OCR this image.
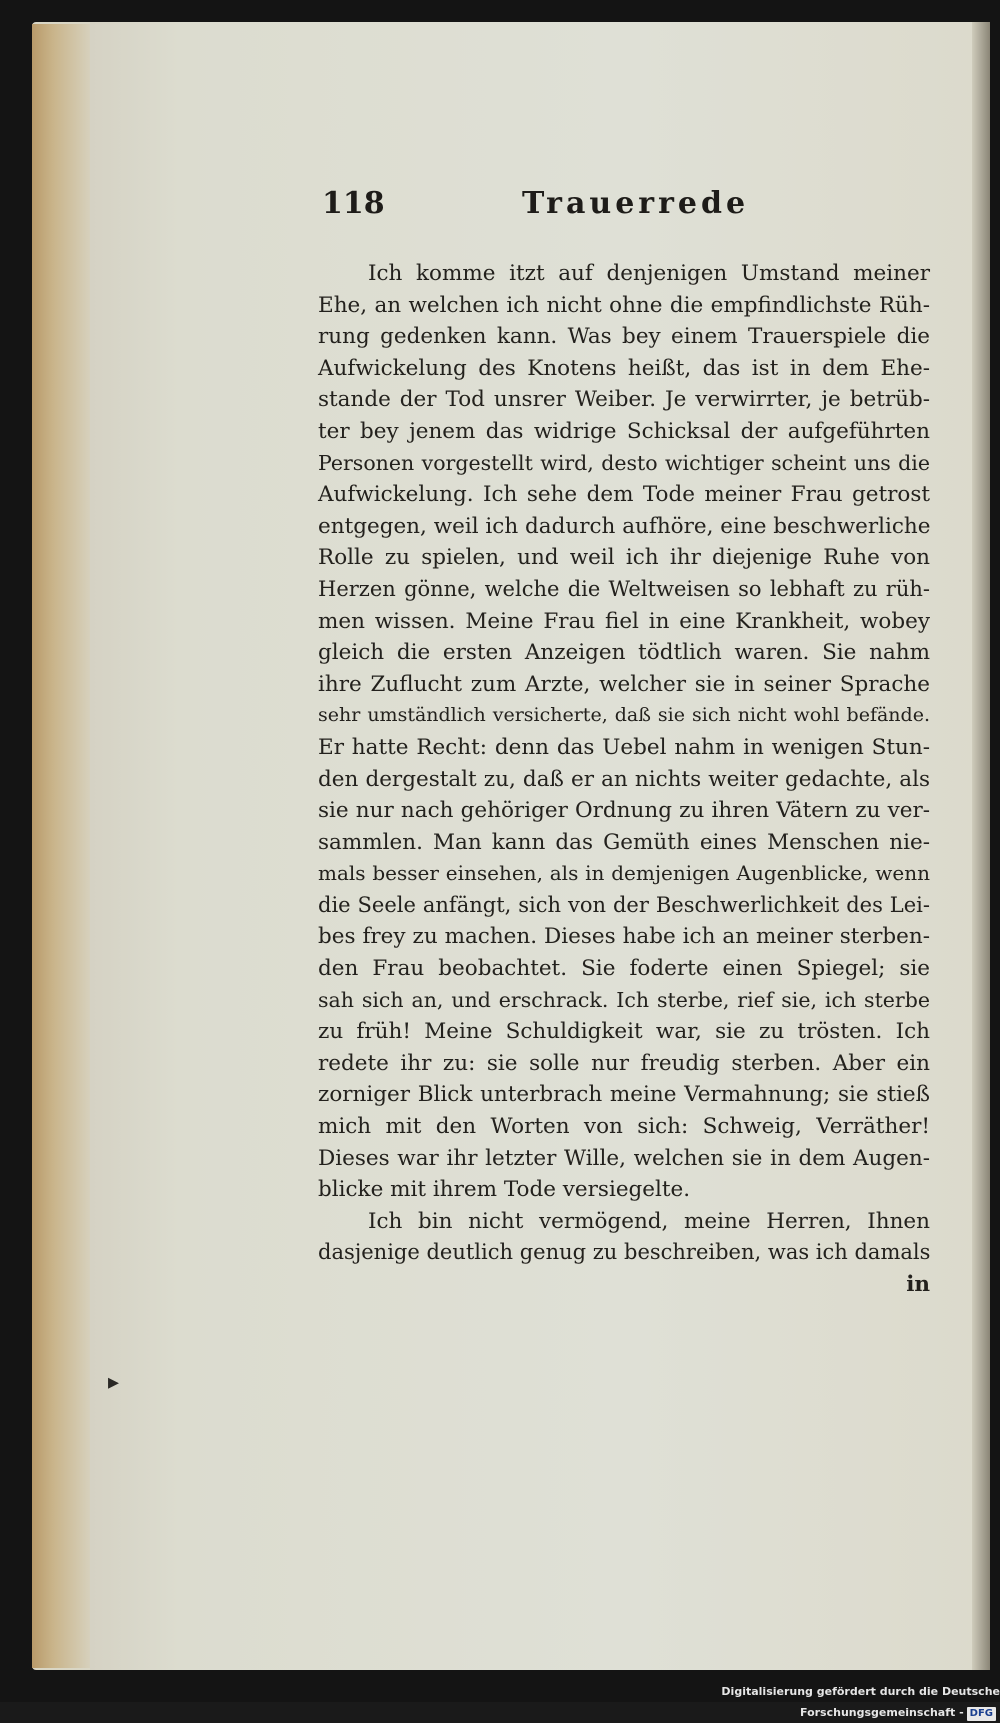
118	Trauerrede
Ich komme itzt auf denjenigen Umstand meiner
Ehe, an welchen ich nicht ohne die empfindlichste Rüh-
rung gedenken kann. Was bey einem Trauerspiele die
Aufwickelung des Knotens heißt, das ist in dem Ehe-
stande der Tod unsrer Weiber. Je verwirrter, je betrüb-
ter bey jenem das widrige Schicksal der aufgeführten
Personen vorgestellt wird, desto wichtiger scheint uns die
Aufwickelung. Ich sehe dem Tode meiner Frau getrost
entgegen, weil ich dadurch aufhöre, eine beschwerliche
Rolle zu spielen, und weil ich ihr diejenige Ruhe von
Herzen gönne, welche die Weltweisen so lebhaft zu rüh-
men wissen. Meine Frau fiel in eine Krankheit, wobey
gleich die ersten Anzeigen tödtlich waren. Sie nahm
ihre Zuflucht zum Arzte, welcher sie in seiner Sprache
sehr umständlich versicherte, daß sie sich nicht wohl befände.
Er hatte Recht: denn das Uebel nahm in wenigen Stun-
den dergestalt zu, daß er an nichts weiter gedachte, als
sie nur nach gehöriger Ordnung zu ihren Vätern zu ver-
sammlen. Man kann das Gemüth eines Menschen nie-
mals besser einsehen, als in demjenigen Augenblicke, wenn
die Seele anfängt, sich von der Beschwerlichkeit des Lei-
bes frey zu machen. Dieses habe ich an meiner sterben-
den Frau beobachtet. Sie foderte einen Spiegel; sie
sah sich an, und erschrack. Ich sterbe, rief sie, ich sterbe
zu früh! Meine Schuldigkeit war, sie zu trösten. Ich
redete ihr zu: sie solle nur freudig sterben. Aber ein
zorniger Blick unterbrach meine Vermahnung; sie stieß
mich mit den Worten von sich: Schweig, Verräther!
Dieses war ihr letzter Wille, welchen sie in dem Augen-
blicke mit ihrem Tode versiegelte.
Ich bin nicht vermögend, meine Herren, Ihnen
dasjenige deutlich genug zu beschreiben, was ich damals
in
▸
Digitalisierung gefördert durch die Deutsche Forschungsgemeinschaft - DFG
